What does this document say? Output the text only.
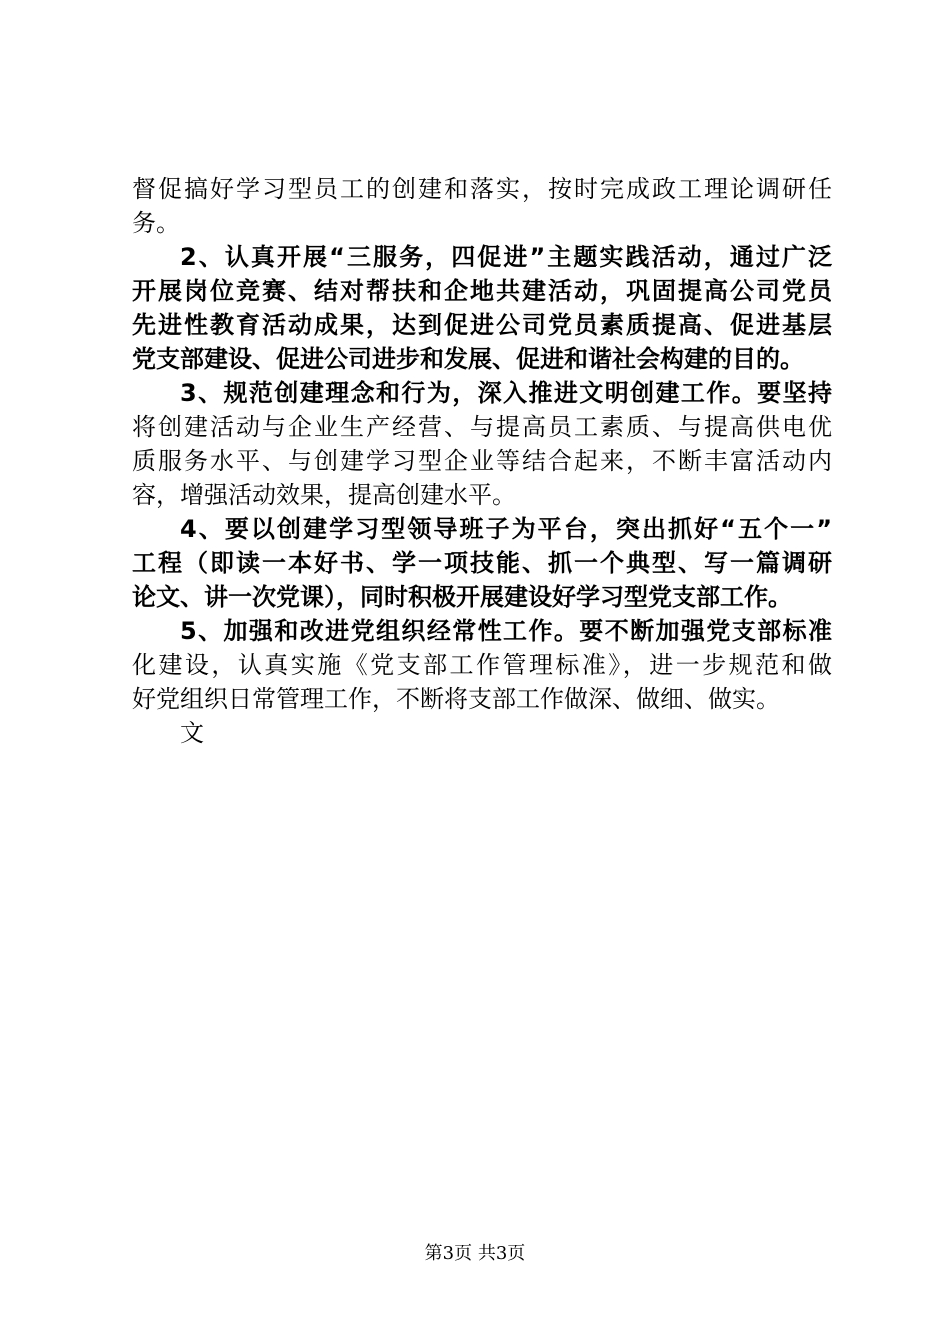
督促搞好学习型员工的创建和落实，按时完成政工理论调研任
务。
2、认真开展“三服务，四促进”主题实践活动，通过广泛
开展岗位竞赛、结对帮扶和企地共建活动，巩固提高公司党员
先进性教育活动成果，达到促进公司党员素质提高、促进基层
党支部建设、促进公司进步和发展、促进和谐社会构建的目的。
3、规范创建理念和行为，深入推进文明创建工作。要坚持
将创建活动与企业生产经营、与提高员工素质、与提高供电优
质服务水平、与创建学习型企业等结合起来，不断丰富活动内
容，增强活动效果，提高创建水平。
4、要以创建学习型领导班子为平台，突出抓好“五个一”
工程（即读一本好书、学一项技能、抓一个典型、写一篇调研
论文、讲一次党课），同时积极开展建设好学习型党支部工作。
5、加强和改进党组织经常性工作。要不断加强党支部标准
化建设，认真实施《党支部工作管理标准》，进一步规范和做
好党组织日常管理工作，不断将支部工作做深、做细、做实。
文
第3页 共3页
